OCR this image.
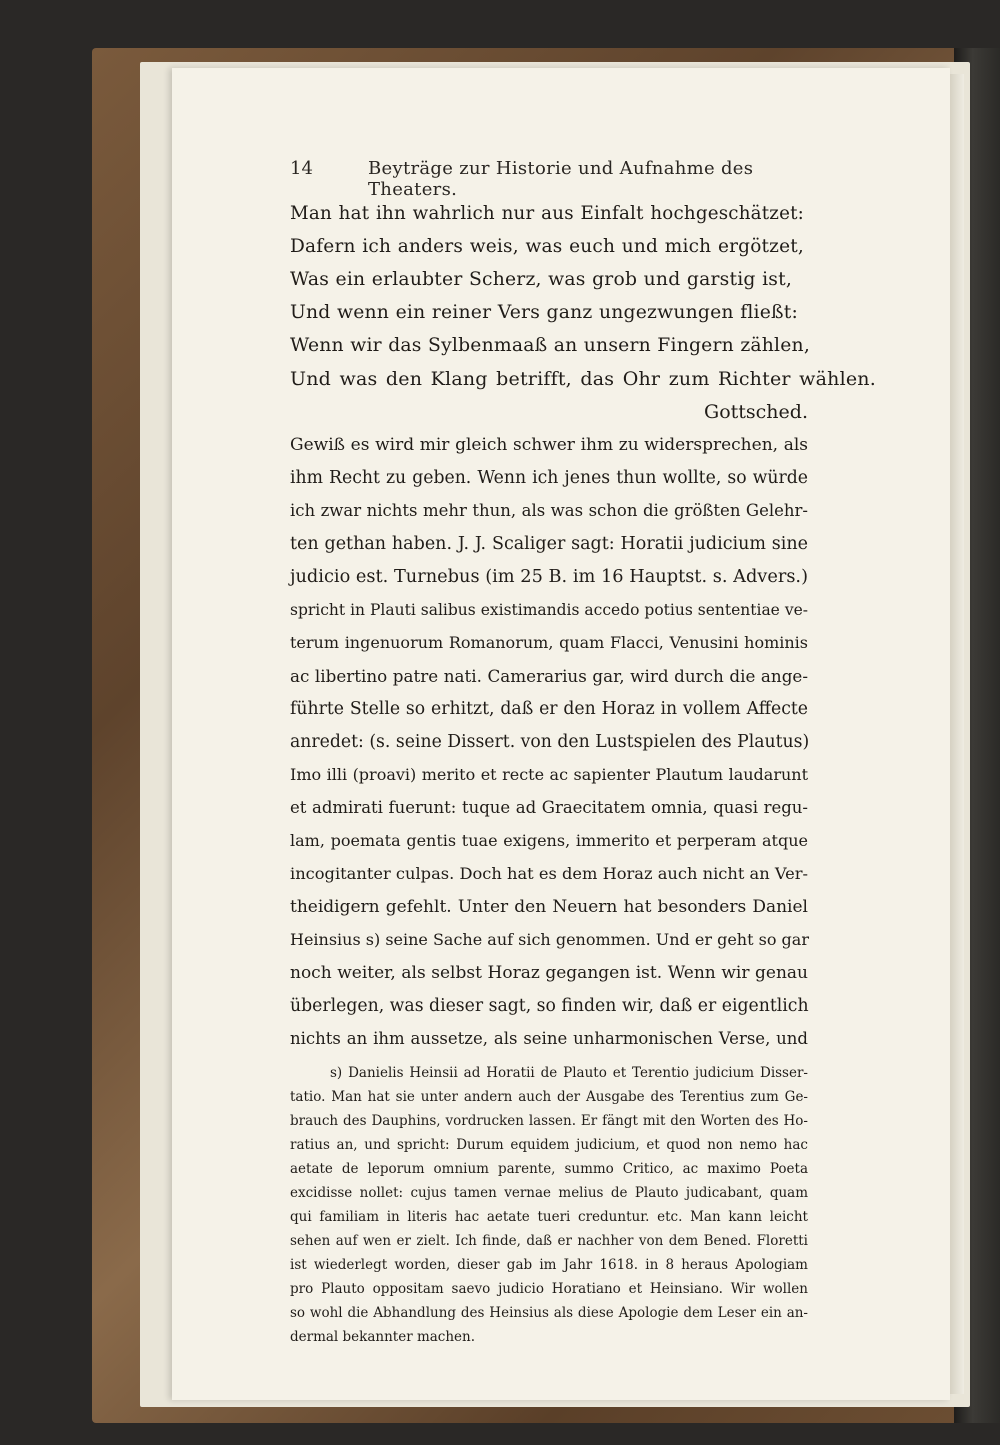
14	Beyträge zur Historie und Aufnahme des Theaters.
Man hat ihn wahrlich nur aus Einfalt hochgeschätzet:
Dafern ich anders weis, was euch und mich ergötzet,
Was ein erlaubter Scherz, was grob und garstig ist,
Und wenn ein reiner Vers ganz ungezwungen fließt:
Wenn wir das Sylbenmaaß an unsern Fingern zählen,
Und was den Klang betrifft, das Ohr zum Richter wählen.
Gottsched.
Gewiß es wird mir gleich schwer ihm zu widersprechen, als
ihm Recht zu geben. Wenn ich jenes thun wollte, so würde
ich zwar nichts mehr thun, als was schon die größten Gelehr-
ten gethan haben. J. J. Scaliger sagt: Horatii judicium sine
judicio est. Turnebus (im 25 B. im 16 Hauptst. s. Advers.)
spricht in Plauti salibus existimandis accedo potius sententiae ve-
terum ingenuorum Romanorum, quam Flacci, Venusini hominis
ac libertino patre nati. Camerarius gar, wird durch die ange-
führte Stelle so erhitzt, daß er den Horaz in vollem Affecte
anredet: (s. seine Dissert. von den Lustspielen des Plautus)
Imo illi (proavi) merito et recte ac sapienter Plautum laudarunt
et admirati fuerunt: tuque ad Graecitatem omnia, quasi regu-
lam, poemata gentis tuae exigens, immerito et perperam atque
incogitanter culpas. Doch hat es dem Horaz auch nicht an Ver-
theidigern gefehlt. Unter den Neuern hat besonders Daniel
Heinsius s) seine Sache auf sich genommen. Und er geht so gar
noch weiter, als selbst Horaz gegangen ist. Wenn wir genau
überlegen, was dieser sagt, so finden wir, daß er eigentlich
nichts an ihm aussetze, als seine unharmonischen Verse, und
s) Danielis Heinsii ad Horatii de Plauto et Terentio judicium Disser-
tatio. Man hat sie unter andern auch der Ausgabe des Terentius zum Ge-
brauch des Dauphins, vordrucken lassen. Er fängt mit den Worten des Ho-
ratius an, und spricht: Durum equidem judicium, et quod non nemo hac
aetate de leporum omnium parente, summo Critico, ac maximo Poeta
excidisse nollet: cujus tamen vernae melius de Plauto judicabant, quam
qui familiam in literis hac aetate tueri creduntur. etc. Man kann leicht
sehen auf wen er zielt. Ich finde, daß er nachher von dem Bened. Floretti
ist wiederlegt worden, dieser gab im Jahr 1618. in 8 heraus Apologiam
pro Plauto oppositam saevo judicio Horatiano et Heinsiano. Wir wollen
so wohl die Abhandlung des Heinsius als diese Apologie dem Leser ein an-
dermal bekannter machen.
